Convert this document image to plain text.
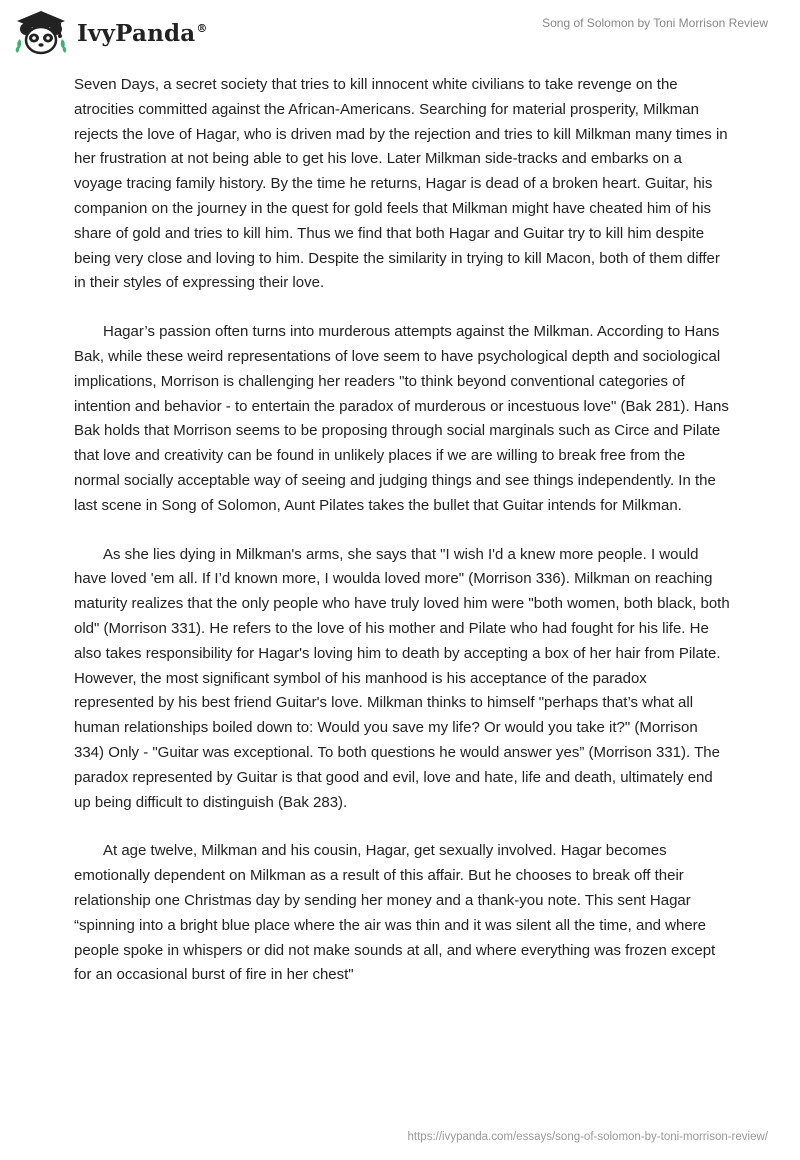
IvyPanda®	Song of Solomon by Toni Morrison Review

Seven Days, a secret society that tries to kill innocent white civilians to take revenge on the atrocities committed against the African-Americans. Searching for material prosperity, Milkman rejects the love of Hagar, who is driven mad by the rejection and tries to kill Milkman many times in her frustration at not being able to get his love. Later Milkman side-tracks and embarks on a voyage tracing family history. By the time he returns, Hagar is dead of a broken heart. Guitar, his companion on the journey in the quest for gold feels that Milkman might have cheated him of his share of gold and tries to kill him. Thus we find that both Hagar and Guitar try to kill him despite being very close and loving to him. Despite the similarity in trying to kill Macon, both of them differ in their styles of expressing their love.

Hagar’s passion often turns into murderous attempts against the Milkman. According to Hans Bak, while these weird representations of love seem to have psychological depth and sociological implications, Morrison is challenging her readers "to think beyond conventional categories of intention and behavior - to entertain the paradox of murderous or incestuous love" (Bak 281). Hans Bak holds that Morrison seems to be proposing through social marginals such as Circe and Pilate that love and creativity can be found in unlikely places if we are willing to break free from the normal socially acceptable way of seeing and judging things and see things independently. In the last scene in Song of Solomon, Aunt Pilates takes the bullet that Guitar intends for Milkman.

As she lies dying in Milkman's arms, she says that "I wish I'd a knew more people. I would have loved 'em all. If I’d known more, I woulda loved more" (Morrison 336). Milkman on reaching maturity realizes that the only people who have truly loved him were "both women, both black, both old" (Morrison 331). He refers to the love of his mother and Pilate who had fought for his life. He also takes responsibility for Hagar's loving him to death by accepting a box of her hair from Pilate. However, the most significant symbol of his manhood is his acceptance of the paradox represented by his best friend Guitar's love. Milkman thinks to himself "perhaps that’s what all human relationships boiled down to: Would you save my life? Or would you take it?" (Morrison 334) Only - "Guitar was exceptional. To both questions he would answer yes” (Morrison 331). The paradox represented by Guitar is that good and evil, love and hate, life and death, ultimately end up being difficult to distinguish (Bak 283).

At age twelve, Milkman and his cousin, Hagar, get sexually involved. Hagar becomes emotionally dependent on Milkman as a result of this affair. But he chooses to break off their relationship one Christmas day by sending her money and a thank-you note. This sent Hagar “spinning into a bright blue place where the air was thin and it was silent all the time, and where people spoke in whispers or did not make sounds at all, and where everything was frozen except for an occasional burst of fire in her chest"

https://ivypanda.com/essays/song-of-solomon-by-toni-morrison-review/
